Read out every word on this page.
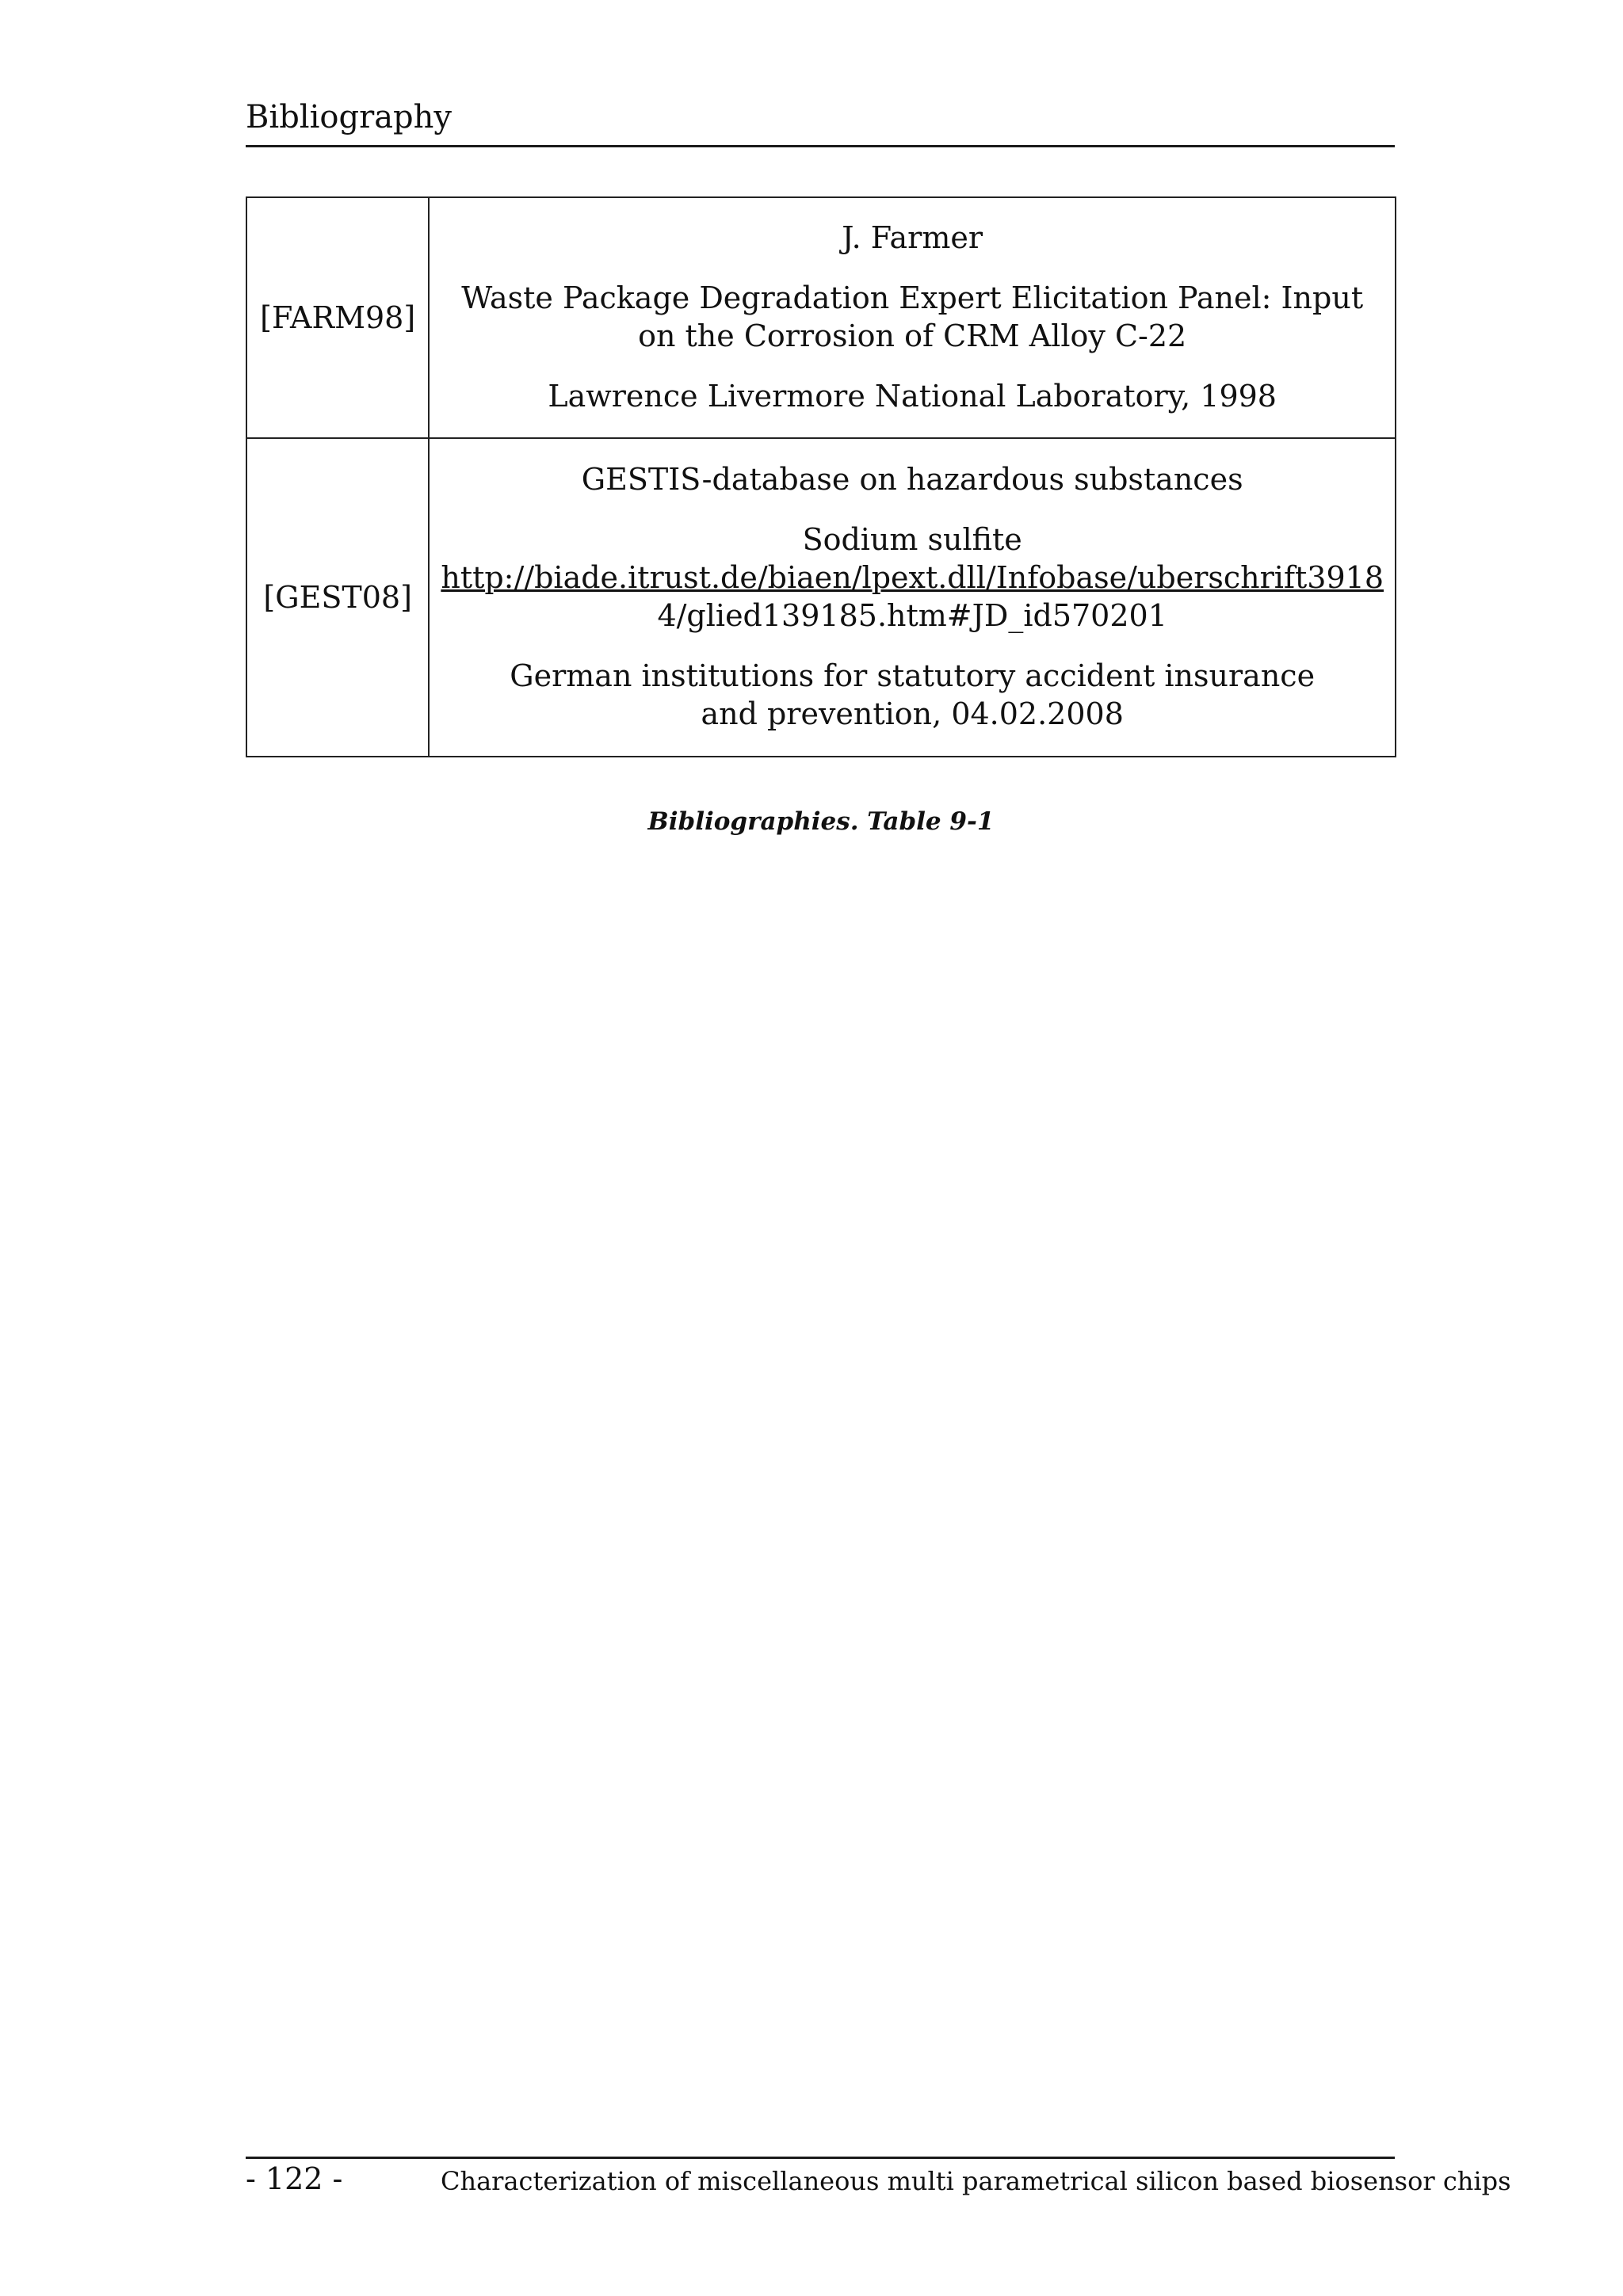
Bibliography
[FARM98]	J. Farmer

Waste Package Degradation Expert Elicitation Panel: Input on the Corrosion of CRM Alloy C-22

Lawrence Livermore National Laboratory, 1998

[GEST08]	GESTIS-database on hazardous substances

Sodium sulfite
http://biade.itrust.de/biaen/lpext.dll/Infobase/uberschrift3918
4/glied139185.htm#JD_id570201

German institutions for statutory accident insurance and prevention, 04.02.2008

Bibliographies. Table 9-1
- 122 -	Characterization of miscellaneous multi parametrical silicon based biosensor chips
